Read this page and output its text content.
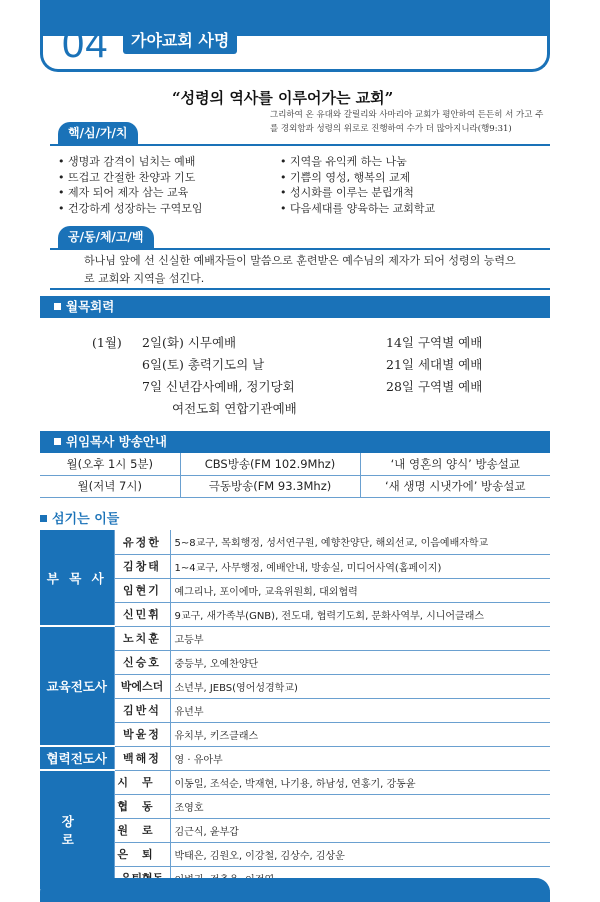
04	가야교회 사명
“성령의 역사를 이루어가는 교회”
그리하여 온 유대와 갈릴리와 사마리아 교회가 평안하여 든든히 서 가고 주를 경외함과 성령의 위로로 진행하여 수가 더 많아지니라(행9:31)
핵/심/가/치
• 생명과 감격이 넘치는 예배
• 뜨겁고 간절한 찬양과 기도
• 제자 되어 제자 삼는 교육
• 건강하게 성장하는 구역모임
• 지역을 유익케 하는 나눔
• 기쁨의 영성, 행복의 교제
• 성시화를 이루는 분립개척
• 다음세대를 양육하는 교회학교
공/동/체/고/백
하나님 앞에 선 신실한 예배자들이 말씀으로 훈련받은 예수님의 제자가 되어 성령의 능력으로 교회와 지역을 섬긴다.
월목회력
(1월) 2일(화) 시무예배
6일(토) 총력기도의 날
7일 신년감사예배, 정기당회
여전도회 연합기관예배
14일 구역별 예배
21일 세대별 예배
28일 구역별 예배
위임목사 방송안내
월(오후 1시 5분)	CBS방송(FM 102.9Mhz)	‘내 영혼의 양식’ 방송설교
월(저녁 7시)	극동방송(FM 93.3Mhz)	‘새 생명 시냇가에’ 방송설교
섬기는 이들
부 목 사	유정한	5~8교구, 목회행정, 성서연구원, 예향찬양단, 해외선교, 이음예배자학교
	김창태	1~4교구, 사무행정, 예배안내, 방송실, 미디어사역(홈페이지)
	임현기	예그리나, 포이에마, 교육위원회, 대외협력
	신민휘	9교구, 새가족부(GNB), 전도대, 협력기도회, 문화사역부, 시니어클래스
교육전도사	노치훈	고등부
	신승호	중등부, 오예찬양단
	박에스더	소년부, JEBS(영어성경학교)
	김반석	유년부
	박윤정	유치부, 키즈클래스
협력전도사	백해정	영 · 유아부
장 로	시무	이동일, 조석순, 박재현, 나기용, 하남성, 연홍기, 강동윤
	협동	조영호
	원로	김근식, 윤부갑
	은퇴	박태은, 김원오, 이강철, 김상수, 김상운
